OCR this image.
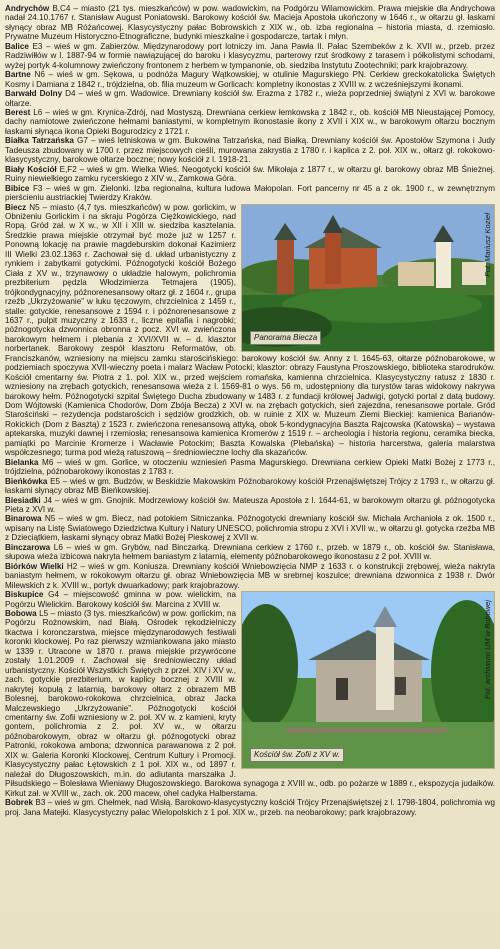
Andrychów B,C4 – miasto (21 tys. mieszkańców) w pow. wadowickim, na Podgórzu Wilamowickim. Prawa miejskie dla Andrychowa nadał 24.10.1767 r. Stanisław August Poniatowski. Barokowy kościół św. Macieja Apostoła ukończony w 1646 r., w ołtarzu gł. łaskami słynący obraz MB Różańcowej. Klasycystyczny pałac Bobrowskich z XIX w., ob. izba regionalna – historia miasta, d. rzemiosło. Prywatne Muzeum Historyczno-Etnograficzne, budynki mieszkalne i gospodarcze, tartak i młyn.

Balice E3 – wieś w gm. Zabierzów. Międzynarodowy port lotniczy im. Jana Pawła II. Pałac Szembeków z k. XVII w., przeb. przez Radziwiłłów w l. 1887-94 w formie nawiązującej do baroku i klasycyzmu, parterowy rzut środkowy z tarasem i półkolistymi schodami, wyżej portyk 4-kolumnowy zwieńczony frontonem z herbem w tympanonie, ob. siedziba Instytutu Zootechniki; park krajobrazowy.

Bartne N6 – wieś w gm. Sękowa, u podnóża Magury Wątkowskiej, w otulinie Magurskiego PN. Cerkiew greckokatolicka Świętych Kosmy i Damiana z 1842 r., trójdzielna, ob. filia muzeum w Gorlicach: kompletny ikonostas z XVIII w. z wcześniejszymi ikonami.

Barwałd Dolny D4 – wieś w gm. Wadowice. Drewniany kościół św. Erazma z 1782 r., wieża poprzedniej świątyni z XVI w. barokowe ołtarze.

Berest L6 – wieś w gm. Krynica-Zdrój, nad Mostyszą. Drewniana cerkiew łemkowska z 1842 r., ob. kościół MB Nieustającej Pomocy, dachy namiotowe zwieńczone hełmami baniastymi, w kompletnym ikonostasie ikony z XVII i XIX w., w barokowym ołtarzu bocznym łaskami słynąca ikona Opieki Bogurodzicy z 1721 r.

Białka Tatrzańska G7 – wieś letniskowa w gm. Bukowina Tatrzańska, nad Białką. Drewniany kościół św. Apostołów Szymona i Judy Tadeusza zbudowany w 1700 r. przez miejscowych cieśli, murowana zakrystia z 1780 r. i kaplica z 2. poł. XIX w., ołtarz gł. rokokowo-klasycystyczny, barokowe ołtarze boczne; nowy kościół z l. 1918-21.

Biały Kościół E,F2 – wieś w gm. Wielka Wieś. Neogotycki kościół św. Mikołaja z 1877 r., w ołtarzu gł. barokowy obraz MB Śnieżnej. Ruiny niewielkiego zamku rycerskiego z XIV w., Zamkowa Góra.

Bibice F3 – wieś w gm. Zielonki. Izba regionalna, kultura ludowa Małopolan. Fort pancerny nr 45 a z ok. 1900 r., w zewnętrznym pierścieniu austriackiej Twierdzy Kraków.

Panorama Biecza
Fot. Mariusz Kozieł

Biecz N5 – miasto (4,7 tys. mieszkańców) w pow. gorlickim, w Obniżeniu Gorlickim i na skraju Pogórza Ciężkowickiego, nad Ropą. Gród zał. w X w., w XII i XIII w. siedziba kasztelania. Średzkie prawa miejskie otrzymał być może już w 1257 r. Ponowną lokację na prawie magdeburskim dokonał Kazimierz III Wielki 23.02.1363 r. Zachował się d. układ urbanistyczny z rynkiem i zabytkami gotyckimi. Późnogotycki kościół Bożego Ciała z XV w., trzynawowy o układzie halowym, polichromia prezbiterium pędzla Włodzimierza Tetmajera (1905), trójkondygnacyjny, późnorenesansowy ołtarz gł. z 1604 r., grupa rzeźb „Ukrzyżowanie” w łuku tęczowym, chrzcielnica z 1459 r., stalle: gotyckie, renesansowe z 1594 r. i późnorenesansowe z 1637 r., pulpit muzyczny z 1633 r., liczne epitafia i nagrobki; późnogotycka dzwonnica obronna z pocz. XVI w. zwieńczona barokowym hełmem i plebania z XVI/XVII w. – d. klasztor norbertanek. Barokowy zespół klasztoru Reformatów, ob. Franciszkanów, wzniesiony na miejscu zamku starościńskiego: barokowy kościół św. Anny z l. 1645-63, ołtarze późnobarokowe, w podziemiach spoczywa XVII-wieczny poeta i malarz Wacław Potocki; klasztor: obrazy Faustyna Proszowskiego, biblioteka starodruków. Kościół cmentarny św. Piotra z 1. poł. XIX w., przed wejściem romańska, kamienna chrzcielnica. Klasycystyczny ratusz z 1830 r. wzniesiony na zrębach gotyckich, renesansowa wieża z l. 1569-81 o wys. 56 m, udostępniony dla turystów taras widokowy nakrywa barokowy hełm. Późnogotycki szpital Świętego Ducha zbudowany w 1483 r. z fundacji królowej Jadwigi, gotycki portal z datą budowy. Dom Wójtowski (Kamienica Chodorów, Dom Zbója Becza) z XVI w. na zrębach gotyckich, sień zajezdna, renesansowe portale. Gród Starościński – rezydencja podstarościch i sędziów grodzkich, ob. w ruinie z XIX w. Muzeum Ziemi Bieckiej: kamienica Barianów-Rokickich (Dom z Basztą) z 1523 r. zwieńczona renesansową attyką, obok 5-kondygnacyjna Baszta Rajcowska (Katowska) – wystawa aptekarska, muzyki dawnej i rzemiosła; renesansowa kamienica Kromerów z 1519 r. – archeologia i historia regionu, ceramika biecka, pamiątki po Marcinie Kromerze i Wacławie Potockim; Baszta Kowalska (Plebańska) – historia harcerstwa, galeria malarstwa współczesnego; turma pod wieżą ratuszową – średniowieczne lochy dla skazańców.

Bielanka M6 – wieś w gm. Gorlice, w otoczeniu wzniesień Pasma Magurskiego. Drewniana cerkiew Opieki Matki Bożej z 1773 r., trójdzielna, późnobarokowy ikonostas z 1783 r.

Bieńkówka E5 – wieś w gm. Budzów, w Beskidzie Makowskim Późnobarokowy kościół Przenajświętszej Trójcy z 1793 r., w ołtarzu gł. łaskami słynący obraz MB Bieńkowskiej.

Biesiadki J4 – wieś w gm. Gnojnik. Modrzewiowy kościół św. Mateusza Apostoła z l. 1644-61, w barokowym ołtarzu gł. późnogotycka Pieta z XVI w.

Binarowa N5 – wieś w gm. Biecz, nad potokiem Sitniczanka. Późnogotycki drewniany kościół św. Michała Archanioła z ok. 1500 r., wpisany na Listę Światowego Dziedzictwa Kultury i Natury UNESCO, polichromia stropu z XVI i XVII w., w ołtarzu gł. gotycka rzeźba MB z Dzieciątkiem, łaskami słynący obraz Matki Bożej Pieskowej z XVII w.

Binczarowa L6 – wieś w gm. Grybów, nad Binczarką. Drewniana cerkiew z 1760 r., przeb. w 1879 r., ob. kościół św. Stanisława, słupowa wieża izbicowa nakryta hełmem baniastym z latarnią, elementy późnobarokowego ikonostasu z 2 poł. XVIII w.

Biórków Wielki H2 – wieś w gm. Koniusza. Drewniany kościół Wniebowzięcia NMP z 1633 r. o konstrukcji zrębowej, wieża nakryta baniastym hełmem, w rokokowym ołtarzu gł. obraz Wniebowzięcia MB w srebrnej koszulce; drewniana dzwonnica z 1938 r. Dwór Milewskich z k. XVIII w., portyk dwuarkadowy; park krajobrazowy.

Kościół św. Zofii z XV w.
Fot. archiwum UM w Bobowej

Biskupice G4 – miejscowość gminna w pow. wielickim, na Pogórzu Wielickim. Barokowy kościół św. Marcina z XVIII w.

Bobowa L5 – miasto (3 tys. mieszkańców) w pow. gorlickim, na Pogórzu Rożnowskim, nad Białą. Ośrodek rękodzielniczy tkactwa i koronczarstwa, miejsce międzynarodowych festiwali koronki klockowej. Po raz pierwszy wzmiankowana jako miasto w 1339 r. Utracone w 1870 r. prawa miejskie przywrócone zostały 1.01.2009 r. Zachował się średniowieczny układ urbanistyczny. Kościół Wszystkich Świętych z przeł. XIV i XV w., zach. gotyckie prezbiterium, w kaplicy bocznej z XVIII w. nakrytej kopułą z latarnią, barokowy ołtarz z obrazem MB Bolesnej, barokowo-rokokowa chrzcielnica, obraz Jacka Malczewskiego „Ukrzyżowanie”. Późnogotycki kościół cmentarny św. Zofii wzniesiony w 2. poł. XV w. z kamieni, kryty gontem, polichromia z 2. poł. XV w., w ołtarzu późnobarokowym, obraz w ołtarzu gł. późnogotycki obraz Patronki, rokokowa ambona; dzwonnica parawanowa z 2 poł. XIX w. Galeria Koronki Klockowej, Centrum Kultury i Promocji. Klasycystyczny pałac Łętowskich z 1 poł. XIX w., od 1897 r. należał do Długoszowskich, m.in. do adiutanta marszałka J. Piłsudskiego – Bolesława Wieniawy Długoszowskiego. Barokowa synagoga z XVIII w., odb. po pożarze w 1889 r., ekspozycja judaików. Kirkut zał. w XVIII w., zach. ok. 200 macew, ohel cadyka Halberstama.

Bobrek B3 – wieś w gm. Chełmek, nad Wisłą. Barokowo-klasycystyczny kościół Trójcy Przenajświętszej z l. 1798-1804, polichromia wg proj. Jana Matejki. Klasycystyczny pałac Wielopolskich z 1 poł. XIX w., przeb. na neobarokowy; park krajobrazowy.
